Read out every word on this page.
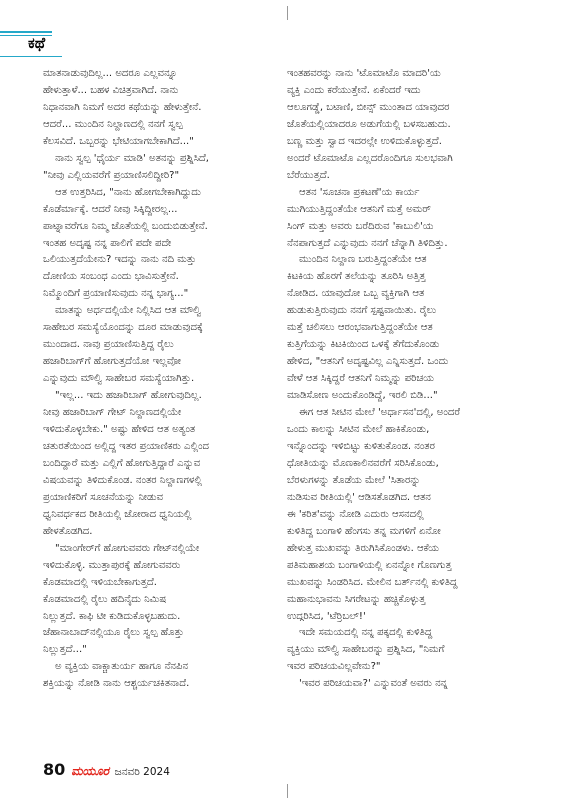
ಕಥೆ
ಮಾತನಾಡುವುದಿಲ್ಲ... ಅದರೂ ಎಲ್ಲವನ್ನೂ
ಹೇಳುತ್ತಾಳೆ... ಬಹಳ ವಿಚಿತ್ರವಾಗಿದೆ. ನಾನು
ನಿಧಾನವಾಗಿ ನಿಮಗೆ ಅದರ ಕಥೆಯನ್ನು ಹೇಳುತ್ತೇನೆ.
ಆದರೆ... ಮುಂದಿನ ನಿಲ್ದಾಣದಲ್ಲಿ ನನಗೆ ಸ್ವಲ್ಪ
ಕೆಲಸವಿದೆ. ಒಬ್ಬರನ್ನು ಭೇಟಿಯಾಗಬೇಕಾಗಿದೆ..."
ನಾನು ಸ್ವಲ್ಪ 'ಧೈರ್ಯ ಮಾಡಿ' ಅತನನ್ನು ಪ್ರಶ್ನಿಸಿದೆ,
"ನೀವು ಎಲ್ಲಿಯವರೆಗೆ ಪ್ರಯಾಣಿಸಲಿದ್ದೀರಿ?"
ಆತ ಉತ್ತರಿಸಿದ, "ನಾನು ಹೋಗಬೇಕಾಗಿದ್ದುದು
ಕೊಡೆರ್ಮಾಕ್ಕೆ. ಆದರೆ ನೀವು ಸಿಕ್ಕಿದ್ದೀರಲ್ಲ...
ಪಾಟ್ನಾವರೆಗೂ ನಿಮ್ಮ ಜೊತೆಯಲ್ಲಿ ಬಂದುಬಿಡುತ್ತೇನೆ.
ಇಂತಹ ಅದೃಷ್ಟ ನನ್ನ ಪಾಲಿಗೆ ಪದೇ ಪದೇ
ಒಲಿಯುತ್ತದೆಯೇನು? ಇದನ್ನು ನಾನು ನದಿ ಮತ್ತು
ದೋಣಿಯ ಸಂಬಂಧ ಎಂದು ಭಾವಿಸುತ್ತೇನೆ.
ನಿಮ್ಮೊಂದಿಗೆ ಪ್ರಯಾಣಿಸುವುದು ನನ್ನ ಭಾಗ್ಯ..."
ಮಾತನ್ನು ಅರ್ಧದಲ್ಲಿಯೇ ನಿಲ್ಲಿಸಿದ ಆತ ಮೌಲ್ವಿ
ಸಾಹೇಬರ ಸಮಸ್ಯೆಯೊಂದನ್ನು ದೂರ ಮಾಡುವುದಕ್ಕೆ
ಮುಂದಾದ. ನಾವು ಪ್ರಯಾಣಿಸುತ್ತಿದ್ದ ರೈಲು
ಹಜಾರಿಬಾಗ್‌ಗೆ ಹೋಗುತ್ತದೆಯೋ ಇಲ್ಲವೋ
ಎನ್ನುವುದು ಮೌಲ್ವಿ ಸಾಹೇಬರ ಸಮಸ್ಯೆಯಾಗಿತ್ತು.
"ಇಲ್ಲ... ಇದು ಹಜಾರಿಬಾಗ್ ಹೋಗುವುದಿಲ್ಲ.
ನೀವು ಹಜಾರಿಬಾಗ್ ಗೇಟ್ ನಿಲ್ದಾಣದಲ್ಲಿಯೇ
ಇಳಿದುಕೊಳ್ಳಬೇಕು." ಅಷ್ಟು ಹೇಳಿದ ಆತ ಅತ್ಯಂತ
ಚತುರತೆಯಿಂದ ಅಲ್ಲಿದ್ದ ಇತರ ಪ್ರಯಾಣಿಕರು ಎಲ್ಲಿಂದ
ಬಂದಿದ್ದಾರೆ ಮತ್ತು ಎಲ್ಲಿಗೆ ಹೋಗುತ್ತಿದ್ದಾರೆ ಎನ್ನುವ
ವಿಷಯವನ್ನು ತಿಳಿದುಕೊಂಡ. ನಂತರ ನಿಲ್ದಾಣಗಳಲ್ಲಿ
ಪ್ರಯಾಣಿಕರಿಗೆ ಸೂಚನೆಯನ್ನು ನೀಡುವ
ಧ್ವನಿವರ್ಧಕದ ರೀತಿಯಲ್ಲಿ ಜೋರಾದ ಧ್ವನಿಯಲ್ಲಿ
ಹೇಳತೊಡಗಿದ.
"ಮಾಂಗೇರ್‌ಗೆ ಹೋಗುವವರು ಗೇಟ್‌ನಲ್ಲಿಯೇ
ಇಳಿದುಕೊಳ್ಳಿ. ಮುತ್ತಾಪುರಕ್ಕೆ ಹೋಗುವವರು
ಕೊಡಮಾದಲ್ಲಿ ಇಳಿಯಬೇಕಾಗುತ್ತದೆ.
ಕೊಡಮಾದಲ್ಲಿ ರೈಲು ಹದಿನೈದು ನಿಮಿಷ
ನಿಲ್ಲುತ್ತದೆ. ಕಾಫಿ ಟೀ ಕುಡಿದುಕೊಳ್ಳಬಹುದು.
ಜೆಹಾನಾಬಾದ್‌ನಲ್ಲಿಯೂ ರೈಲು ಸ್ವಲ್ಪ ಹೊತ್ತು
ನಿಲ್ಲುತ್ತದೆ..."
ಅ ವ್ಯಕ್ತಿಯ ವಾಕ್ಚಾತುರ್ಯ ಹಾಗೂ ನೆನಪಿನ
ಶಕ್ತಿಯನ್ನು ನೋಡಿ ನಾನು ಆಶ್ಚರ್ಯಚಕಿತನಾದೆ.
ಇಂತಹವರನ್ನು ನಾನು 'ಟೊಮಾಟೊ ಮಾದರಿ'ಯ
ವ್ಯಕ್ತಿ ಎಂದು ಕರೆಯುತ್ತೇನೆ. ಏಕೆಂದರೆ ಇದು
ಆಲೂಗಡ್ಡೆ, ಬಟಾಣಿ, ಬೀನ್ಸ್ ಮುಂತಾದ ಯಾವುದರ
ಜೊತೆಯಲ್ಲಿಯಾದರೂ ಅಡುಗೆಯಲ್ಲಿ ಬಳಸಬಹುದು.
ಬಣ್ಣ ಮತ್ತು ಸ್ವಾದ ಇದರಲ್ಲೇ ಉಳಿದುಕೊಳ್ಳುತ್ತದೆ.
ಅಂದರೆ ಟೊಮಾಟೊ ಎಲ್ಲದರೊಂದಿಗೂ ಸುಲಭವಾಗಿ
ಬೆರೆಯುತ್ತದೆ.
ಆತನ 'ಸೂಚನಾ ಪ್ರಕಟಣೆ'ಯ ಕಾರ್ಯ
ಮುಗಿಯುತ್ತಿದ್ದಂತೆಯೇ ಆತನಿಗೆ ಮತ್ತೆ ಅಮರ್
ಸಿಂಗ್ ಮತ್ತು ಅವರು ಬರೆದಿರುವ 'ಕಾಬುಲಿ'ಯ
ನೆನಪಾಗುತ್ತದೆ ಎನ್ನುವುದು ನನಗೆ ಚೆನ್ನಾಗಿ ತಿಳಿದಿತ್ತು.
ಮುಂದಿನ ನಿಲ್ದಾಣ ಬರುತ್ತಿದ್ದಂತೆಯೇ ಆತ
ಕಿಟಕಿಯ ಹೊರಗೆ ತಲೆಯನ್ನು ತೂರಿಸಿ ಅತ್ತಿತ್ತ
ನೋಡಿದ. ಯಾವುದೋ ಒಬ್ಬ ವ್ಯಕ್ತಿಗಾಗಿ ಆತ
ಹುಡುಕುತ್ತಿರುವುದು ನನಗೆ ಸ್ಪಷ್ಟವಾಯಿತು. ರೈಲು
ಮತ್ತೆ ಚಲಿಸಲು ಆರಂಭವಾಗುತ್ತಿದ್ದಂತೆಯೇ ಆತ
ಕುತ್ತಿಗೆಯನ್ನು ಕಿಟಕಿಯಿಂದ ಒಳಕ್ಕೆ ತೆಗೆದುಕೊಂಡು
ಹೇಳಿದ, "ಆತನಿಗೆ ಅದೃಷ್ಟವಿಲ್ಲ ಎನ್ನಿಸುತ್ತದೆ. ಒಂದು
ವೇಳೆ ಆತ ಸಿಕ್ಕಿದ್ದರೆ ಆತನಿಗೆ ನಿಮ್ಮನ್ನು ಪರಿಚಯ
ಮಾಡಿಸೋಣ ಅಂದುಕೊಂಡಿದ್ದೆ, ಇರಲಿ ಬಿಡಿ..."
ಈಗ ಆತ ಸೀಟಿನ ಮೇಲೆ 'ಅರ್ಧಾಸನ'ದಲ್ಲಿ, ಅಂದರೆ
ಒಂದು ಕಾಲನ್ನು ಸೀಟಿನ ಮೇಲೆ ಹಾಕಿಕೊಂಡು,
ಇನ್ನೊಂದನ್ನು ಇಳಿಬಿಟ್ಟು ಕುಳಿತುಕೊಂಡ. ನಂತರ
ಧೋತಿಯನ್ನು ಮೊಣಕಾಲಿನವರೆಗೆ ಸರಿಸಿಕೊಂಡು,
ಬೆರಳುಗಳನ್ನು ತೊಡೆಯ ಮೇಲೆ 'ಸಿತಾರನ್ನು
ನುಡಿಸುವ ರೀತಿಯಲ್ಲಿ' ಆಡಿಸತೊಡಗಿದ. ಆತನ
ಈ 'ಕರಿತ'ವನ್ನು ನೋಡಿ ಎದುರು ಆಸನದಲ್ಲಿ
ಕುಳಿತಿದ್ದ ಬಂಗಾಳಿ ಹೆಂಗಸು ತನ್ನ ಮಗಳಿಗೆ ಏನೋ
ಹೇಳುತ್ತ ಮುಖವನ್ನು ತಿರುಗಿಸಿಕೊಂಡಳು. ಆಕೆಯ
ಪತಿಮಹಾಶಯ ಬಂಗಾಳಿಯಲ್ಲಿ ಏನನ್ನೋ ಗೊಣಗುತ್ತ
ಮುಖವನ್ನು ಸಿಂಡರಿಸಿದ. ಮೇಲಿನ ಬರ್ತ್‌ನಲ್ಲಿ ಕುಳಿತಿದ್ದ
ಮಹಾನುಭಾವನು ಸಿಗರೇಟನ್ನು ಹಚ್ಚಿಕೊಳ್ಳುತ್ತ
ಉದ್ಗರಿಸಿದ, 'ಟೆರ್ರಿಬಲ್!'
ಇದೇ ಸಮಯದಲ್ಲಿ ನನ್ನ ಪಕ್ಕದಲ್ಲಿ ಕುಳಿತಿದ್ದ
ವ್ಯಕ್ತಿಯು ಮೌಲ್ವಿ ಸಾಹೇಬರನ್ನು ಪ್ರಶ್ನಿಸಿದ, "ನಿಮಗೆ
ಇವರ ಪರಿಚಯವಿಲ್ಲವೇನು?"
'ಇವರ ಪರಿಚಯವಾ?' ಎನ್ನುವಂತೆ ಅವರು ನನ್ನ
80 ಮಯೂರ ಜನವರಿ 2024
